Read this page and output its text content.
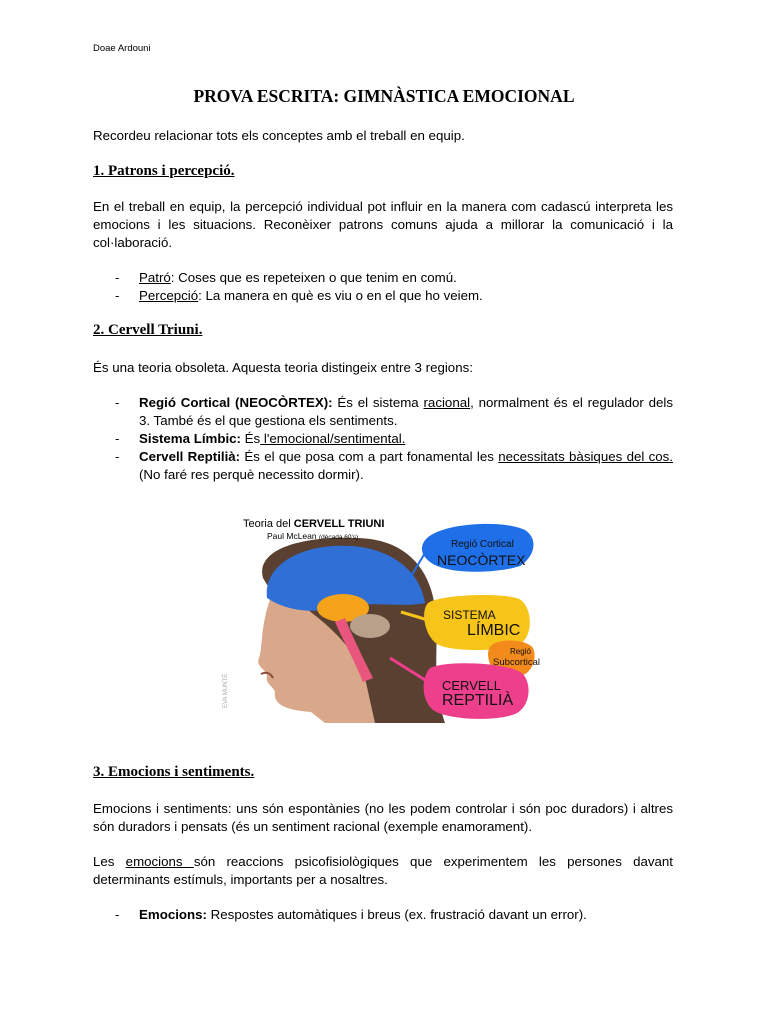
Doae Ardouni
PROVA ESCRITA: GIMNÀSTICA EMOCIONAL
Recordeu relacionar tots els conceptes amb el treball en equip.
1. Patrons i percepció.
En el treball en equip, la percepció individual pot influir en la manera com cadascú interpreta les emocions i les situacions. Reconèixer patrons comuns ajuda a millorar la comunicació i la col·laboració.
- Patró: Coses que es repeteixen o que tenim en comú.
- Percepció: La manera en què es viu o en el que ho veiem.
2. Cervell Triuni.
És una teoria obsoleta. Aquesta teoria distingeix entre 3 regions:
- Regió Cortical (NEOCÒRTEX): És el sistema racional, normalment és el regulador dels 3. També és el que gestiona els sentiments.
- Sistema Límbic: És l'emocional/sentimental.
- Cervell Reptilià: És el que posa com a part fonamental les necessitats bàsiques del cos. (No faré res perquè necessito dormir).
Teoria del CERVELL TRIUNI
Paul McLean (dècada 60's)
Regió Cortical
NEOCÒRTEX
SISTEMA
LÍMBIC
Regió
Subcortical
CERVELL
REPTILIÀ
EVA MUNTÉ
3. Emocions i sentiments.
Emocions i sentiments: uns són espontànies (no les podem controlar i són poc duradors) i altres són duradors i pensats (és un sentiment racional (exemple enamorament).
Les emocions són reaccions psicofisiològiques que experimentem les persones davant determinants estímuls, importants per a nosaltres.
- Emocions: Respostes automàtiques i breus (ex. frustració davant un error).
